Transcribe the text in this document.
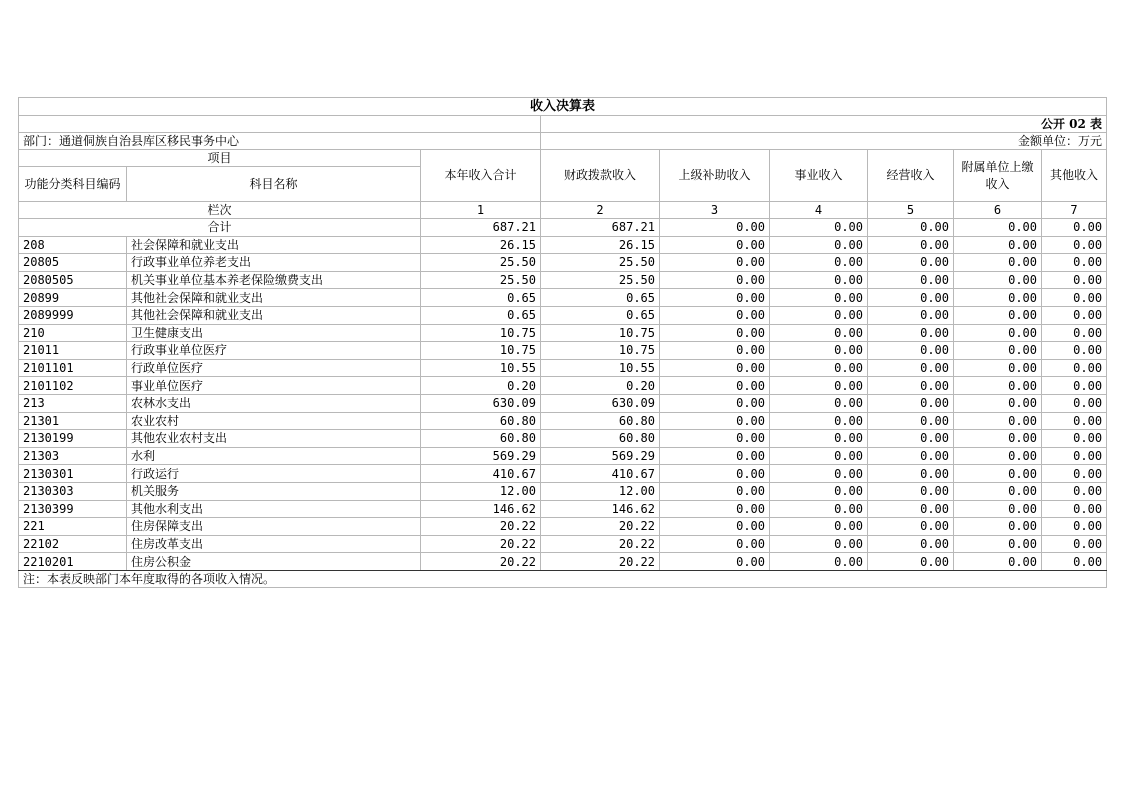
收入决算表								
			公开 02 表					
部门：通道侗族自治县库区移民事务中心			金额单位：万元					
项目		本年收入合计	财政拨款收入	上级补助收入	事业收入	经营收入	附属单位上缴收入	其他收入
功能分类科目编码	科目名称							
栏次		1	2	3	4	5	6	7
合计		687.21	687.21	0.00	0.00	0.00	0.00	0.00
208	社会保障和就业支出	26.15	26.15	0.00	0.00	0.00	0.00	0.00
20805	行政事业单位养老支出	25.50	25.50	0.00	0.00	0.00	0.00	0.00
2080505	机关事业单位基本养老保险缴费支出	25.50	25.50	0.00	0.00	0.00	0.00	0.00
20899	其他社会保障和就业支出	0.65	0.65	0.00	0.00	0.00	0.00	0.00
2089999	其他社会保障和就业支出	0.65	0.65	0.00	0.00	0.00	0.00	0.00
210	卫生健康支出	10.75	10.75	0.00	0.00	0.00	0.00	0.00
21011	行政事业单位医疗	10.75	10.75	0.00	0.00	0.00	0.00	0.00
2101101	行政单位医疗	10.55	10.55	0.00	0.00	0.00	0.00	0.00
2101102	事业单位医疗	0.20	0.20	0.00	0.00	0.00	0.00	0.00
213	农林水支出	630.09	630.09	0.00	0.00	0.00	0.00	0.00
21301	农业农村	60.80	60.80	0.00	0.00	0.00	0.00	0.00
2130199	其他农业农村支出	60.80	60.80	0.00	0.00	0.00	0.00	0.00
21303	水利	569.29	569.29	0.00	0.00	0.00	0.00	0.00
2130301	行政运行	410.67	410.67	0.00	0.00	0.00	0.00	0.00
2130303	机关服务	12.00	12.00	0.00	0.00	0.00	0.00	0.00
2130399	其他水利支出	146.62	146.62	0.00	0.00	0.00	0.00	0.00
221	住房保障支出	20.22	20.22	0.00	0.00	0.00	0.00	0.00
22102	住房改革支出	20.22	20.22	0.00	0.00	0.00	0.00	0.00
2210201	住房公积金	20.22	20.22	0.00	0.00	0.00	0.00	0.00
注：本表反映部门本年度取得的各项收入情况。								
